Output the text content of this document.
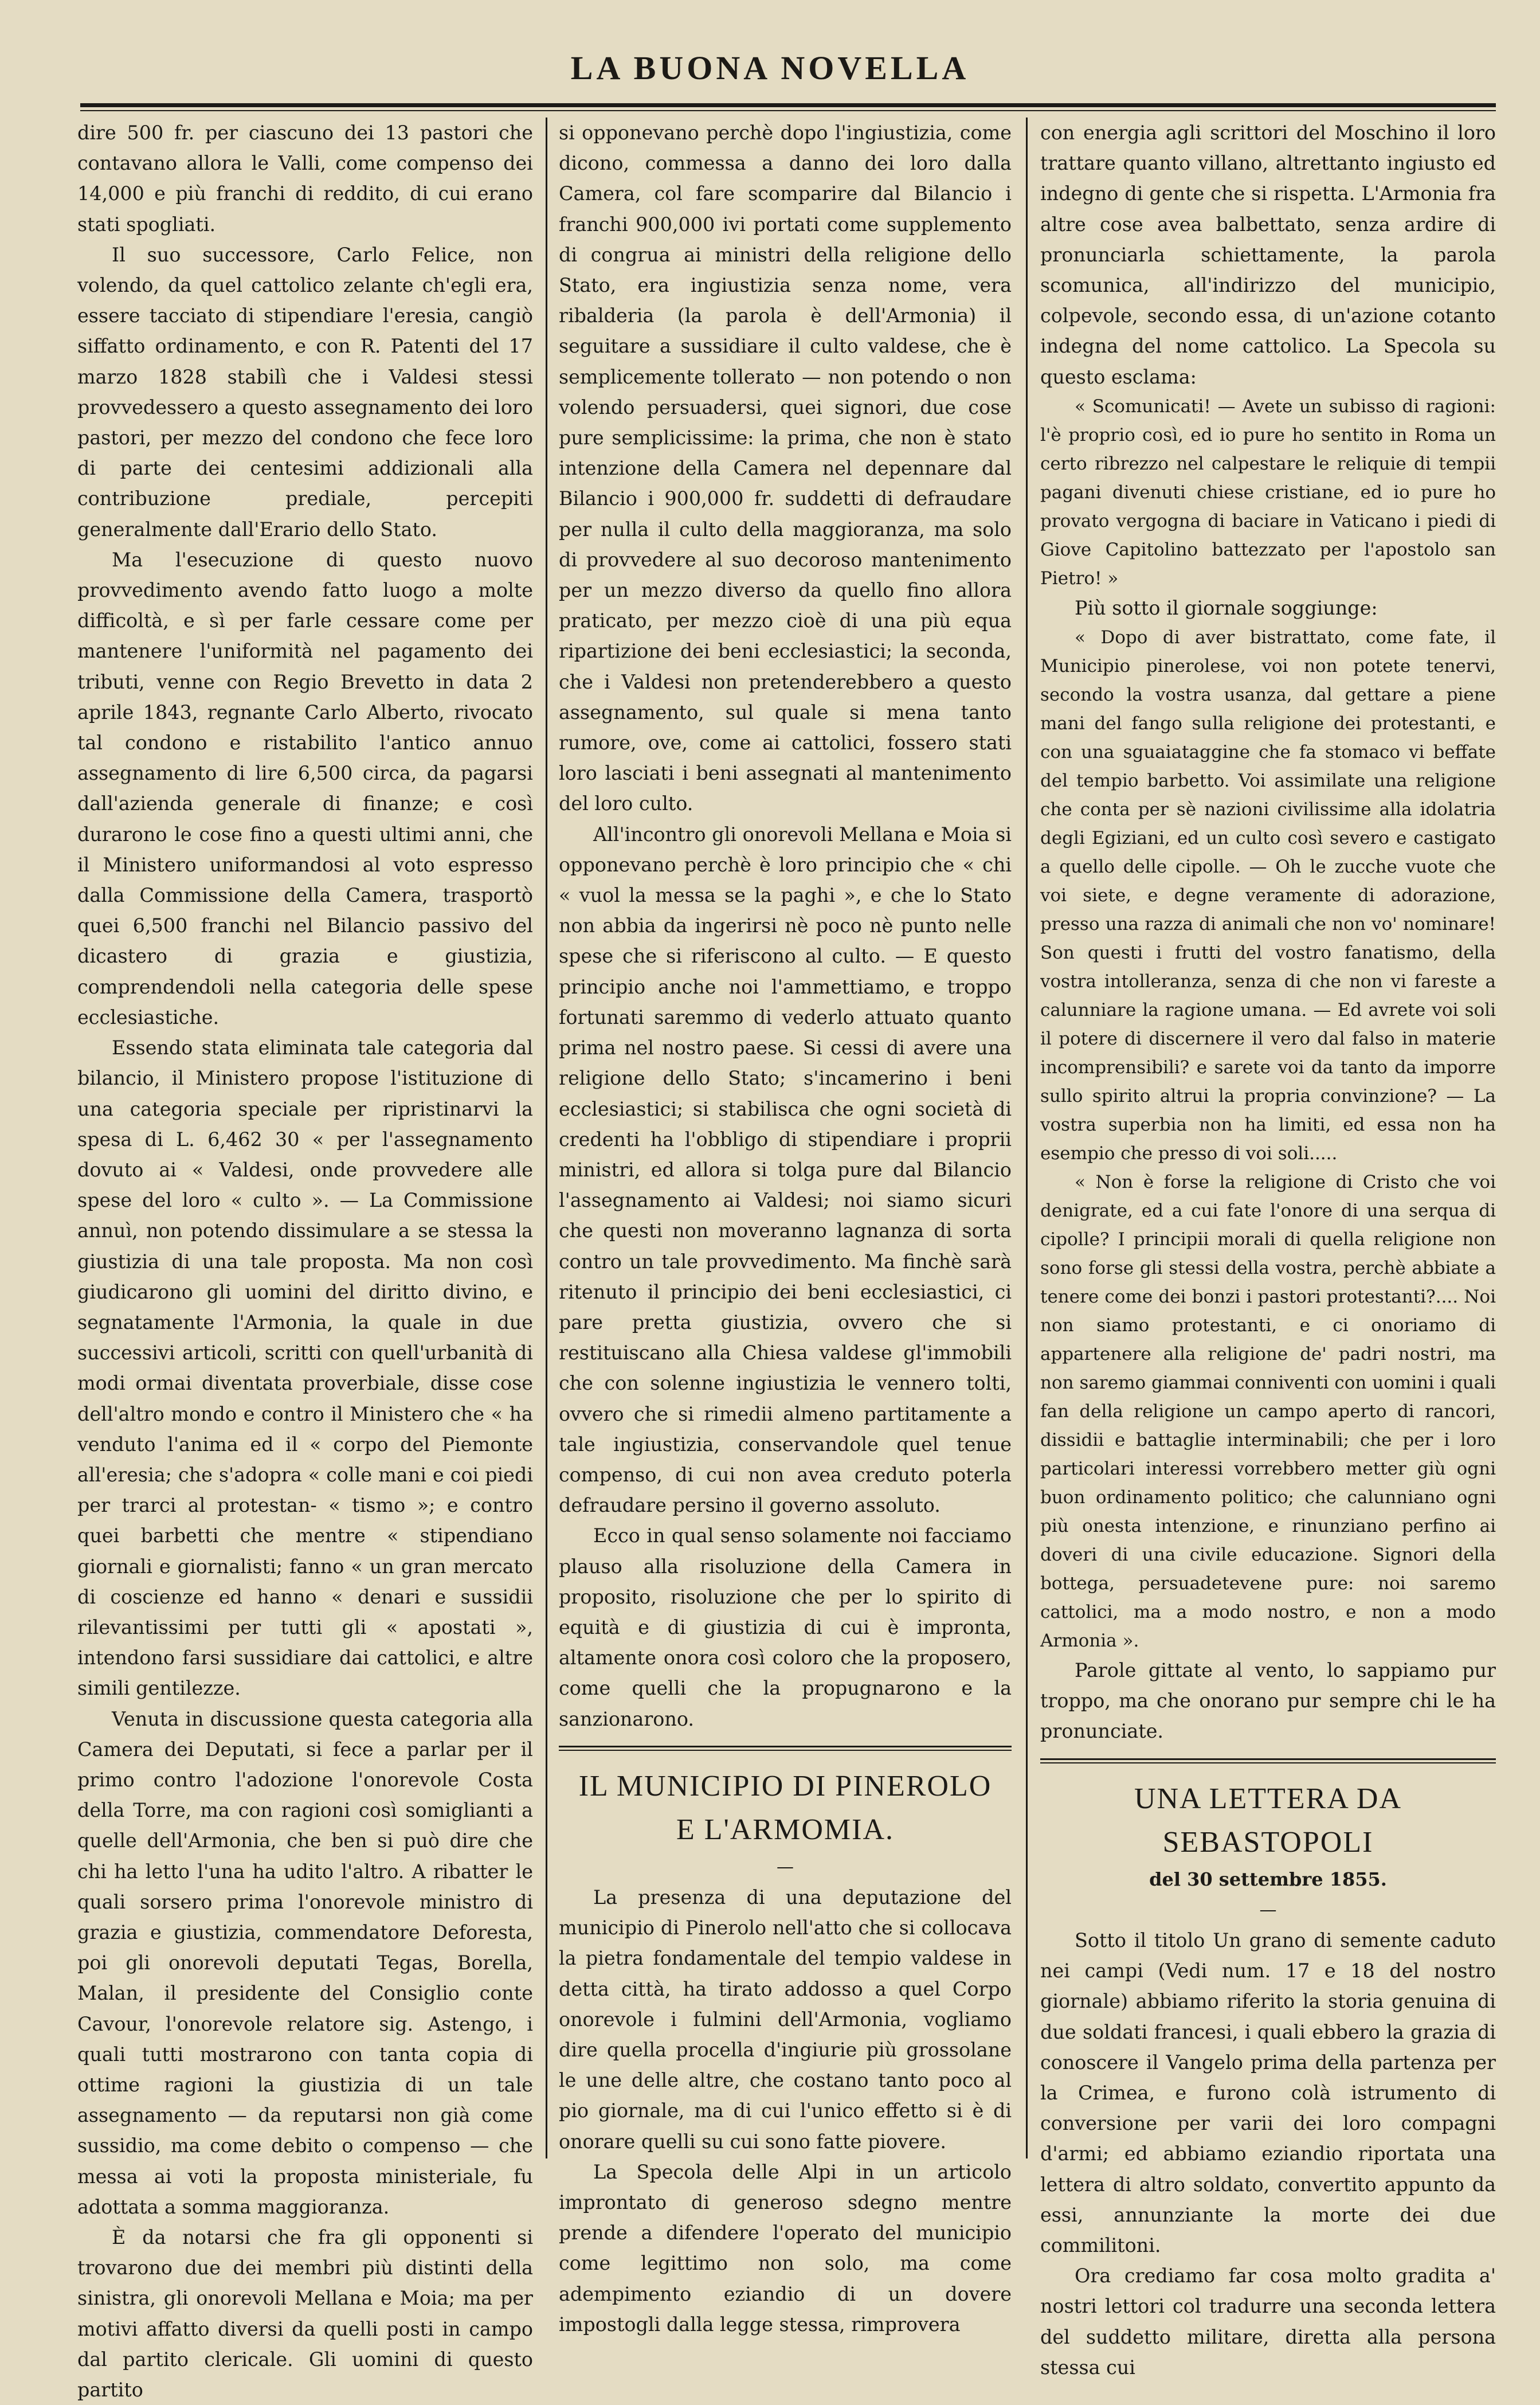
LA BUONA NOVELLA

dire 500 fr. per ciascuno dei 13 pastori che contavano allora le Valli, come compenso dei 14,000 e più franchi di reddito, di cui erano stati spogliati.

Il suo successore, Carlo Felice, non volendo, da quel cattolico zelante ch'egli era, essere tacciato di stipendiare l'eresia, cangiò siffatto ordinamento, e con R. Patenti del 17 marzo 1828 stabilì che i Valdesi stessi provvedessero a questo assegnamento dei loro pastori, per mezzo del condono che fece loro di parte dei centesimi addizionali alla contribuzione prediale, percepiti generalmente dall'Erario dello Stato.

Ma l'esecuzione di questo nuovo provvedimento avendo fatto luogo a molte difficoltà, e sì per farle cessare come per mantenere l'uniformità nel pagamento dei tributi, venne con Regio Brevetto in data 2 aprile 1843, regnante Carlo Alberto, rivocato tal condono e ristabilito l'antico annuo assegnamento di lire 6,500 circa, da pagarsi dall'azienda generale di finanze; e così durarono le cose fino a questi ultimi anni, che il Ministero uniformandosi al voto espresso dalla Commissione della Camera, trasportò quei 6,500 franchi nel Bilancio passivo del dicastero di grazia e giustizia, comprendendoli nella categoria delle spese ecclesiastiche.

Essendo stata eliminata tale categoria dal bilancio, il Ministero propose l'istituzione di una categoria speciale per ripristinarvi la spesa di L. 6,462 30 « per l'assegnamento dovuto ai « Valdesi, onde provvedere alle spese del loro « culto ». — La Commissione annuì, non potendo dissimulare a se stessa la giustizia di una tale proposta. Ma non così giudicarono gli uomini del diritto divino, e segnatamente l'Armonia, la quale in due successivi articoli, scritti con quell'urbanità di modi ormai diventata proverbiale, disse cose dell'altro mondo e contro il Ministero che « ha venduto l'anima ed il « corpo del Piemonte all'eresia; che s'adopra « colle mani e coi piedi per trarci al protestan- « tismo »; e contro quei barbetti che mentre « stipendiano giornali e giornalisti; fanno « un gran mercato di coscienze ed hanno « denari e sussidii rilevantissimi per tutti gli « apostati », intendono farsi sussidiare dai cattolici, e altre simili gentilezze.

Venuta in discussione questa categoria alla Camera dei Deputati, si fece a parlar per il primo contro l'adozione l'onorevole Costa della Torre, ma con ragioni così somiglianti a quelle dell'Armonia, che ben si può dire che chi ha letto l'una ha udito l'altro. A ribatter le quali sorsero prima l'onorevole ministro di grazia e giustizia, commendatore Deforesta, poi gli onorevoli deputati Tegas, Borella, Malan, il presidente del Consiglio conte Cavour, l'onorevole relatore sig. Astengo, i quali tutti mostrarono con tanta copia di ottime ragioni la giustizia di un tale assegnamento — da reputarsi non già come sussidio, ma come debito o compenso — che messa ai voti la proposta ministeriale, fu adottata a somma maggioranza.

È da notarsi che fra gli opponenti si trovarono due dei membri più distinti della sinistra, gli onorevoli Mellana e Moia; ma per motivi affatto diversi da quelli posti in campo dal partito clericale. Gli uomini di questo partito

si opponevano perchè dopo l'ingiustizia, come dicono, commessa a danno dei loro dalla Camera, col fare scomparire dal Bilancio i franchi 900,000 ivi portati come supplemento di congrua ai ministri della religione dello Stato, era ingiustizia senza nome, vera ribalderia (la parola è dell'Armonia) il seguitare a sussidiare il culto valdese, che è semplicemente tollerato — non potendo o non volendo persuadersi, quei signori, due cose pure semplicissime: la prima, che non è stato intenzione della Camera nel depennare dal Bilancio i 900,000 fr. suddetti di defraudare per nulla il culto della maggioranza, ma solo di provvedere al suo decoroso mantenimento per un mezzo diverso da quello fino allora praticato, per mezzo cioè di una più equa ripartizione dei beni ecclesiastici; la seconda, che i Valdesi non pretenderebbero a questo assegnamento, sul quale si mena tanto rumore, ove, come ai cattolici, fossero stati loro lasciati i beni assegnati al mantenimento del loro culto.

All'incontro gli onorevoli Mellana e Moia si opponevano perchè è loro principio che « chi « vuol la messa se la paghi », e che lo Stato non abbia da ingerirsi nè poco nè punto nelle spese che si riferiscono al culto. — E questo principio anche noi l'ammettiamo, e troppo fortunati saremmo di vederlo attuato quanto prima nel nostro paese. Si cessi di avere una religione dello Stato; s'incamerino i beni ecclesiastici; si stabilisca che ogni società di credenti ha l'obbligo di stipendiare i proprii ministri, ed allora si tolga pure dal Bilancio l'assegnamento ai Valdesi; noi siamo sicuri che questi non moveranno lagnanza di sorta contro un tale provvedimento. Ma finchè sarà ritenuto il principio dei beni ecclesiastici, ci pare pretta giustizia, ovvero che si restituiscano alla Chiesa valdese gl'immobili che con solenne ingiustizia le vennero tolti, ovvero che si rimedii almeno partitamente a tale ingiustizia, conservandole quel tenue compenso, di cui non avea creduto poterla defraudare persino il governo assoluto.

Ecco in qual senso solamente noi facciamo plauso alla risoluzione della Camera in proposito, risoluzione che per lo spirito di equità e di giustizia di cui è impronta, altamente onora così coloro che la proposero, come quelli che la propugnarono e la sanzionarono.

IL MUNICIPIO DI PINEROLO

E L'ARMOMIA.

—

La presenza di una deputazione del municipio di Pinerolo nell'atto che si collocava la pietra fondamentale del tempio valdese in detta città, ha tirato addosso a quel Corpo onorevole i fulmini dell'Armonia, vogliamo dire quella procella d'ingiurie più grossolane le une delle altre, che costano tanto poco al pio giornale, ma di cui l'unico effetto si è di onorare quelli su cui sono fatte piovere.

La Specola delle Alpi in un articolo improntato di generoso sdegno mentre prende a difendere l'operato del municipio come legittimo non solo, ma come adempimento eziandio di un dovere impostogli dalla legge stessa, rimprovera

con energia agli scrittori del Moschino il loro trattare quanto villano, altrettanto ingiusto ed indegno di gente che si rispetta. L'Armonia fra altre cose avea balbettato, senza ardire di pronunciarla schiettamente, la parola scomunica, all'indirizzo del municipio, colpevole, secondo essa, di un'azione cotanto indegna del nome cattolico. La Specola su questo esclama:

« Scomunicati! — Avete un subisso di ragioni: l'è proprio così, ed io pure ho sentito in Roma un certo ribrezzo nel calpestare le reliquie di tempii pagani divenuti chiese cristiane, ed io pure ho provato vergogna di baciare in Vaticano i piedi di Giove Capitolino battezzato per l'apostolo san Pietro! »

Più sotto il giornale soggiunge:

« Dopo di aver bistrattato, come fate, il Municipio pinerolese, voi non potete tenervi, secondo la vostra usanza, dal gettare a piene mani del fango sulla religione dei protestanti, e con una sguaiataggine che fa stomaco vi beffate del tempio barbetto. Voi assimilate una religione che conta per sè nazioni civilissime alla idolatria degli Egiziani, ed un culto così severo e castigato a quello delle cipolle. — Oh le zucche vuote che voi siete, e degne veramente di adorazione, presso una razza di animali che non vo' nominare! Son questi i frutti del vostro fanatismo, della vostra intolleranza, senza di che non vi fareste a calunniare la ragione umana. — Ed avrete voi soli il potere di discernere il vero dal falso in materie incomprensibili? e sarete voi da tanto da imporre sullo spirito altrui la propria convinzione? — La vostra superbia non ha limiti, ed essa non ha esempio che presso di voi soli.....

« Non è forse la religione di Cristo che voi denigrate, ed a cui fate l'onore di una serqua di cipolle? I principii morali di quella religione non sono forse gli stessi della vostra, perchè abbiate a tenere come dei bonzi i pastori protestanti?.... Noi non siamo protestanti, e ci onoriamo di appartenere alla religione de' padri nostri, ma non saremo giammai conniventi con uomini i quali fan della religione un campo aperto di rancori, dissidii e battaglie interminabili; che per i loro particolari interessi vorrebbero metter giù ogni buon ordinamento politico; che calunniano ogni più onesta intenzione, e rinunziano perfino ai doveri di una civile educazione. Signori della bottega, persuadetevene pure: noi saremo cattolici, ma a modo nostro, e non a modo Armonia ».

Parole gittate al vento, lo sappiamo pur troppo, ma che onorano pur sempre chi le ha pronunciate.

UNA LETTERA DA SEBASTOPOLI

del 30 settembre 1855.

—

Sotto il titolo Un grano di semente caduto nei campi (Vedi num. 17 e 18 del nostro giornale) abbiamo riferito la storia genuina di due soldati francesi, i quali ebbero la grazia di conoscere il Vangelo prima della partenza per la Crimea, e furono colà istrumento di conversione per varii dei loro compagni d'armi; ed abbiamo eziandio riportata una lettera di altro soldato, convertito appunto da essi, annunziante la morte dei due commilitoni.

Ora crediamo far cosa molto gradita a' nostri lettori col tradurre una seconda lettera del suddetto militare, diretta alla persona stessa cui
